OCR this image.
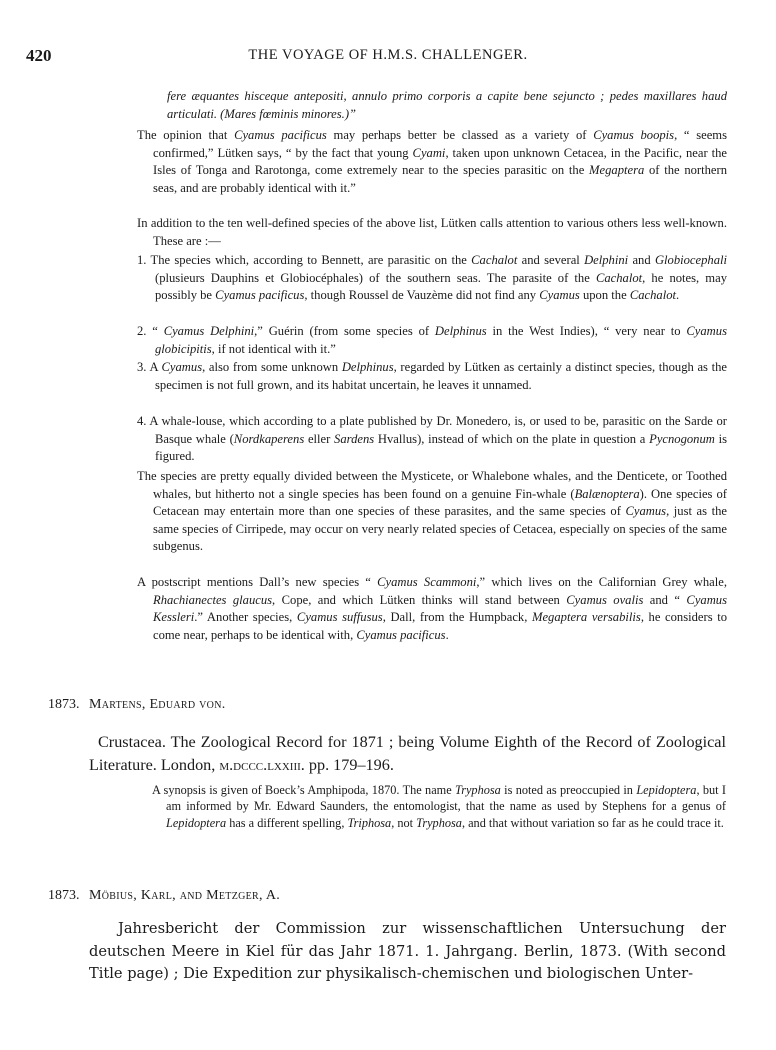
420	THE VOYAGE OF H.M.S. CHALLENGER.
fere æquantes hisceque antepositi, annulo primo corporis a capite bene sejuncto ; pedes maxillares haud articulati. (Mares fœminis minores.)”
The opinion that Cyamus pacificus may perhaps better be classed as a variety of Cyamus boopis, “ seems confirmed,” Lütken says, “ by the fact that young Cyami, taken upon unknown Cetacea, in the Pacific, near the Isles of Tonga and Rarotonga, come extremely near to the species parasitic on the Megaptera of the northern seas, and are probably identical with it.”
In addition to the ten well-defined species of the above list, Lütken calls attention to various others less well-known. These are :—
1. The species which, according to Bennett, are parasitic on the Cachalot and several Delphini and Globiocephali (plusieurs Dauphins et Globiocéphales) of the southern seas. The parasite of the Cachalot, he notes, may possibly be Cyamus pacificus, though Roussel de Vauzème did not find any Cyamus upon the Cachalot.
2. “ Cyamus Delphini,” Guérin (from some species of Delphinus in the West Indies), “ very near to Cyamus globicipitis, if not identical with it.”
3. A Cyamus, also from some unknown Delphinus, regarded by Lütken as certainly a distinct species, though as the specimen is not full grown, and its habitat uncertain, he leaves it unnamed.
4. A whale-louse, which according to a plate published by Dr. Monedero, is, or used to be, parasitic on the Sarde or Basque whale (Nordkaperens eller Sardens Hvallus), instead of which on the plate in question a Pycnogonum is figured.
The species are pretty equally divided between the Mysticete, or Whalebone whales, and the Denticete, or Toothed whales, but hitherto not a single species has been found on a genuine Fin-whale (Balænoptera). One species of Cetacean may entertain more than one species of these parasites, and the same species of Cyamus, just as the same species of Cirripede, may occur on very nearly related species of Cetacea, especially on species of the same subgenus.
A postscript mentions Dall’s new species “ Cyamus Scammoni,” which lives on the Californian Grey whale, Rhachianectes glaucus, Cope, and which Lütken thinks will stand between Cyamus ovalis and “ Cyamus Kessleri.” Another species, Cyamus suffusus, Dall, from the Humpback, Megaptera versabilis, he considers to come near, perhaps to be identical with, Cyamus pacificus.
1873. Martens, Eduard von.
Crustacea. The Zoological Record for 1871 ; being Volume Eighth of the Record of Zoological Literature. London, m.dccc.lxxiii. pp. 179–196.
A synopsis is given of Boeck’s Amphipoda, 1870. The name Tryphosa is noted as preoccupied in Lepidoptera, but I am informed by Mr. Edward Saunders, the entomologist, that the name as used by Stephens for a genus of Lepidoptera has a different spelling, Triphosa, not Tryphosa, and that without variation so far as he could trace it.
1873. Möbius, Karl, and Metzger, A.
Jahresbericht der Commission zur wissenschaftlichen Untersuchung der deutschen Meere in Kiel für das Jahr 1871. 1. Jahrgang. Berlin, 1873. (With second Title page) ; Die Expedition zur physikalisch-chemischen und biologischen Unter-
